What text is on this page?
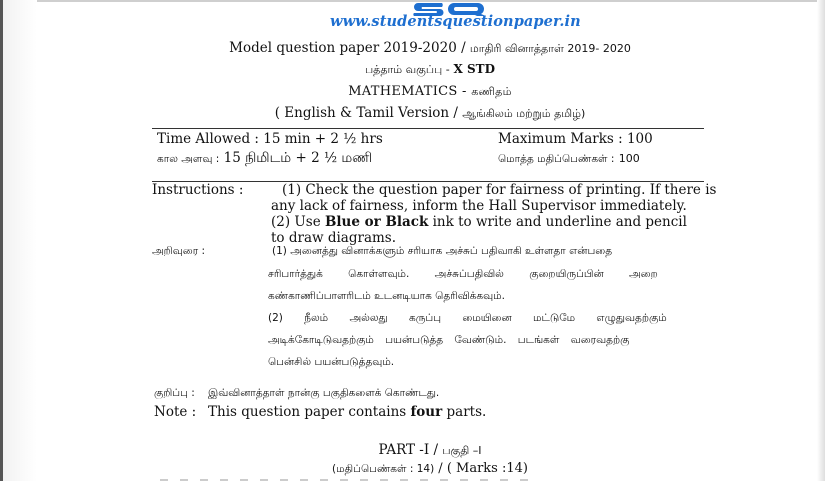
www.studentsquestionpaper.in
Model question paper 2019-2020 / மாதிரி வினாத்தாள் 2019- 2020
பத்தாம் வகுப்பு - X STD
MATHEMATICS - கணிதம்
( English & Tamil Version / ஆங்கிலம் மற்றும் தமிழ்)
Time Allowed : 15 min + 2 ½ hrs	Maximum Marks : 100
கால அளவு : 15 நிமிடம் + 2 ½ மணி	மொத்த மதிப்பெண்கள் : 100
Instructions :	(1) Check the question paper for fairness of printing. If there is
any lack of fairness, inform the Hall Supervisor immediately.
(2) Use Blue or Black ink to write and underline and pencil
to draw diagrams.
அறிவுரை :	(1) அனைத்து வினாக்களும் சரியாக அச்சுப் பதிவாகி உள்ளதா என்பதை
சரிபார்த்துக் கொள்ளவும். அச்சுப்பதிவில் குறையிருப்பின் அறை
கண்காணிப்பாளரிடம் உடனடியாக தெரிவிக்கவும்.
(2) நீலம் அல்லது கருப்பு மையினை மட்டுமே எழுதுவதற்கும்
அடிக்கோடிடுவதற்கும் பயன்படுத்த வேண்டும். படங்கள் வரைவதற்கு
பென்சில் பயன்படுத்தவும்.
குறிப்பு : இவ்வினாத்தாள் நான்கு பகுதிகளைக் கொண்டது.
Note : This question paper contains four parts.
PART -I / பகுதி –I
(மதிப்பெண்கள் : 14) / ( Marks :14)
